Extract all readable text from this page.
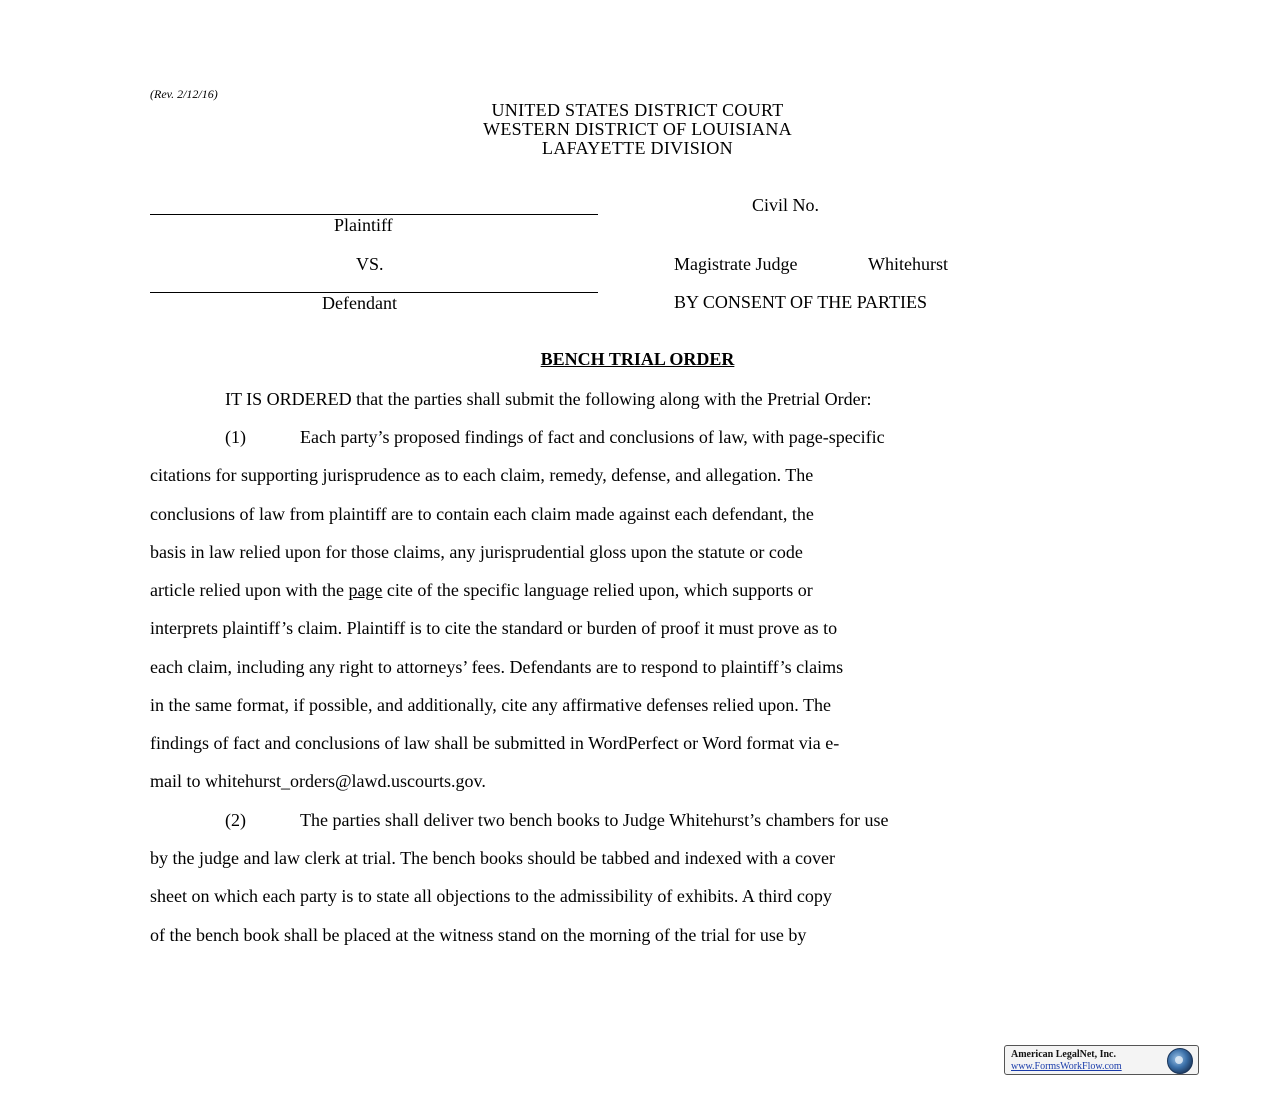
(Rev. 2/12/16)
UNITED STATES DISTRICT COURT
WESTERN DISTRICT OF LOUISIANA
LAFAYETTE DIVISION
Plaintiff
Civil No.
VS.	Magistrate Judge	Whitehurst
Defendant	BY CONSENT OF THE PARTIES
BENCH TRIAL ORDER
IT IS ORDERED that the parties shall submit the following along with the Pretrial Order:
(1)	Each party’s proposed findings of fact and conclusions of law, with page-specific
citations for supporting jurisprudence as to each claim, remedy, defense, and allegation. The
conclusions of law from plaintiff are to contain each claim made against each defendant, the
basis in law relied upon for those claims, any jurisprudential gloss upon the statute or code
article relied upon with the page cite of the specific language relied upon, which supports or
interprets plaintiff’s claim. Plaintiff is to cite the standard or burden of proof it must prove as to
each claim, including any right to attorneys’ fees. Defendants are to respond to plaintiff’s claims
in the same format, if possible, and additionally, cite any affirmative defenses relied upon. The
findings of fact and conclusions of law shall be submitted in WordPerfect or Word format via e-
mail to whitehurst_orders@lawd.uscourts.gov.
(2)	The parties shall deliver two bench books to Judge Whitehurst’s chambers for use
by the judge and law clerk at trial. The bench books should be tabbed and indexed with a cover
sheet on which each party is to state all objections to the admissibility of exhibits. A third copy
of the bench book shall be placed at the witness stand on the morning of the trial for use by
American LegalNet, Inc.
www.FormsWorkFlow.com
